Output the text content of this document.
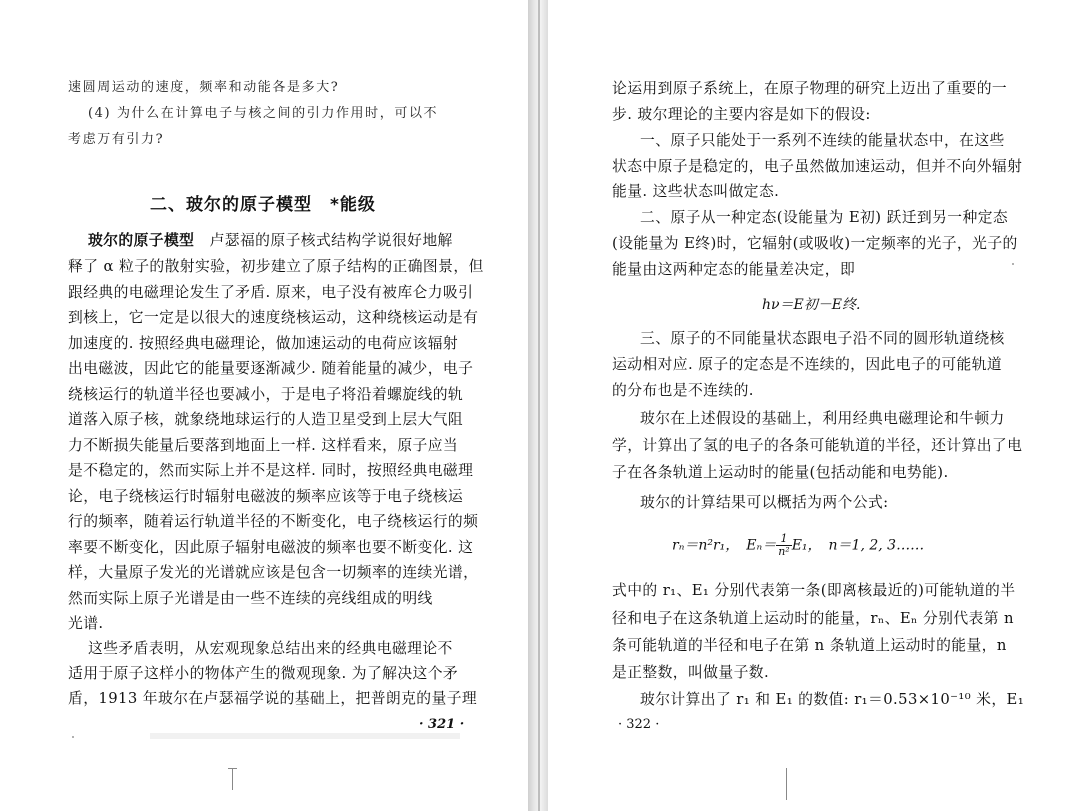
速圆周运动的速度，频率和动能各是多大?
(4) 为什么在计算电子与核之间的引力作用时，可以不
考虑万有引力?
二、玻尔的原子模型　*能级
玻尔的原子模型　 卢瑟福的原子核式结构学说很好地解
释了 α 粒子的散射实验，初步建立了原子结构的正确图景，但
跟经典的电磁理论发生了矛盾. 原来，电子没有被库仑力吸引
到核上，它一定是以很大的速度绕核运动，这种绕核运动是有
加速度的. 按照经典电磁理论，做加速运动的电荷应该辐射
出电磁波，因此它的能量要逐渐减少. 随着能量的减少，电子
绕核运行的轨道半径也要减小，于是电子将沿着螺旋线的轨
道落入原子核，就象绕地球运行的人造卫星受到上层大气阻
力不断损失能量后要落到地面上一样. 这样看来，原子应当
是不稳定的，然而实际上并不是这样. 同时，按照经典电磁理
论，电子绕核运行时辐射电磁波的频率应该等于电子绕核运
行的频率，随着运行轨道半径的不断变化，电子绕核运行的频
率要不断变化，因此原子辐射电磁波的频率也要不断变化. 这
样，大量原子发光的光谱就应该是包含一切频率的连续光谱，
然而实际上原子光谱是由一些不连续的亮线组成的明线
光谱.
这些矛盾表明，从宏观现象总结出来的经典电磁理论不
适用于原子这样小的物体产生的微观现象. 为了解决这个矛
盾，1913 年玻尔在卢瑟福学说的基础上，把普朗克的量子理
· 321 ·
论运用到原子系统上，在原子物理的研究上迈出了重要的一
步. 玻尔理论的主要内容是如下的假设:
一、原子只能处于一系列不连续的能量状态中，在这些
状态中原子是稳定的，电子虽然做加速运动，但并不向外辐射
能量. 这些状态叫做定态.
二、原子从一种定态(设能量为 E初) 跃迁到另一种定态
(设能量为 E终)时，它辐射(或吸收)一定频率的光子，光子的
能量由这两种定态的能量差决定，即
三、原子的不同能量状态跟电子沿不同的圆形轨道绕核
运动相对应. 原子的定态是不连续的，因此电子的可能轨道
的分布也是不连续的.
玻尔在上述假设的基础上，利用经典电磁理论和牛顿力
学，计算出了氢的电子的各条可能轨道的半径，还计算出了电
子在各条轨道上运动时的能量(包括动能和电势能).
玻尔的计算结果可以概括为两个公式:
式中的 r₁、E₁ 分别代表第一条(即离核最近的)可能轨道的半
径和电子在这条轨道上运动时的能量，rₙ、Eₙ 分别代表第 n
条可能轨道的半径和电子在第 n 条轨道上运动时的能量，n
是正整数，叫做量子数.
玻尔计算出了 r₁ 和 E₁ 的数值: r₁＝0.53×10⁻¹⁰ 米，E₁
hν＝E初－E终.
rₙ＝n²r₁，　$E_n= \frac{1}{\text{n²}} E_1$，　n＝1, 2, 3……
· 322 ·
